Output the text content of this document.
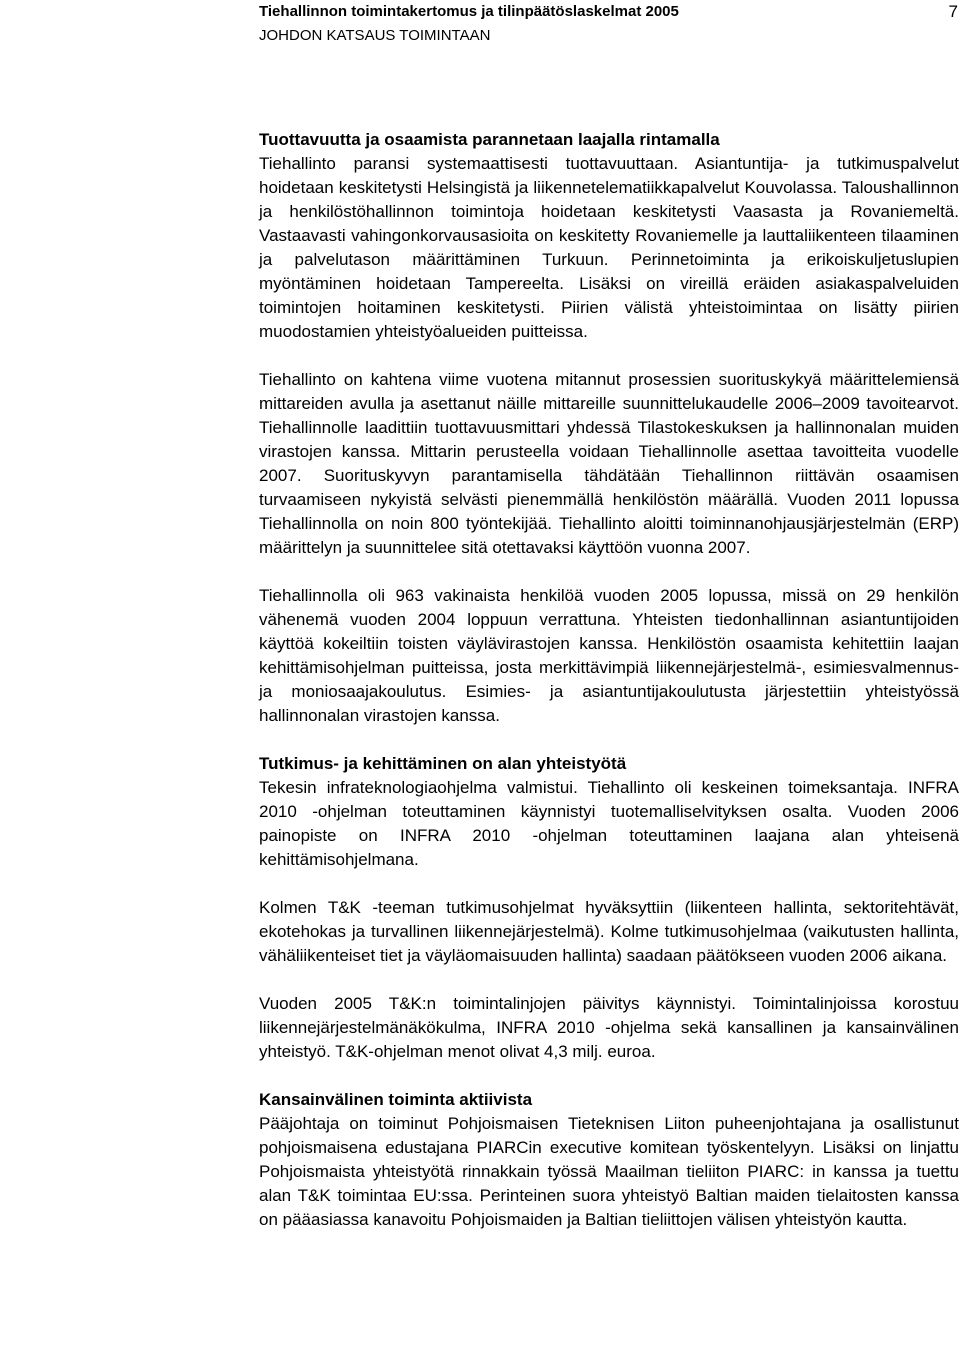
Tiehallinnon toimintakertomus ja tilinpäätöslaskelmat 2005
JOHDON KATSAUS TOIMINTAAN
7
Tuottavuutta ja osaamista parannetaan laajalla rintamalla

Tiehallinto paransi systemaattisesti tuottavuuttaan. Asiantuntija- ja tutkimuspalvelut hoidetaan keskitetysti Helsingistä ja liikennetelematiikkapalvelut Kouvolassa. Taloushallinnon ja henkilöstöhallinnon toimintoja hoidetaan keskitetysti Vaasasta ja Rovaniemeltä. Vastaavasti vahingonkorvausasioita on keskitetty Rovaniemelle ja lauttaliikenteen tilaaminen ja palvelutason määrittäminen Turkuun. Perinnetoiminta ja erikoiskuljetuslupien myöntäminen hoidetaan Tampereelta. Lisäksi on vireillä eräiden asiakaspalveluiden toimintojen hoitaminen keskitetysti. Piirien välistä yhteistoimintaa on lisätty piirien muodostamien yhteistyöalueiden puitteissa.

Tiehallinto on kahtena viime vuotena mitannut prosessien suorituskykyä määrittelemiensä mittareiden avulla ja asettanut näille mittareille suunnittelukaudelle 2006–2009 tavoitearvot. Tiehallinnolle laadittiin tuottavuusmittari yhdessä Tilastokeskuksen ja hallinnonalan muiden virastojen kanssa. Mittarin perusteella voidaan Tiehallinnolle asettaa tavoitteita vuodelle 2007. Suorituskyvyn parantamisella tähdätään Tiehallinnon riittävän osaamisen turvaamiseen nykyistä selvästi pienemmällä henkilöstön määrällä. Vuoden 2011 lopussa Tiehallinnolla on noin 800 työntekijää. Tiehallinto aloitti toiminnanohjausjärjestelmän (ERP) määrittelyn ja suunnittelee sitä otettavaksi käyttöön vuonna 2007.

Tiehallinnolla oli 963 vakinaista henkilöä vuoden 2005 lopussa, missä on 29 henkilön vähenemä vuoden 2004 loppuun verrattuna. Yhteisten tiedonhallinnan asiantuntijoiden käyttöä kokeiltiin toisten väylävirastojen kanssa. Henkilöstön osaamista kehitettiin laajan kehittämisohjelman puitteissa, josta merkittävimpiä liikennejärjestelmä-, esimiesvalmennus- ja moniosaajakoulutus. Esimies- ja asiantuntijakoulutusta järjestettiin yhteistyössä hallinnonalan virastojen kanssa.

Tutkimus- ja kehittäminen on alan yhteistyötä

Tekesin infrateknologiaohjelma valmistui. Tiehallinto oli keskeinen toimeksantaja. INFRA 2010 -ohjelman toteuttaminen käynnistyi tuotemalliselvityksen osalta. Vuoden 2006 painopiste on INFRA 2010 -ohjelman toteuttaminen laajana alan yhteisenä kehittämisohjelmana.

Kolmen T&K -teeman tutkimusohjelmat hyväksyttiin (liikenteen hallinta, sektoritehtävät, ekotehokas ja turvallinen liikennejärjestelmä). Kolme tutkimusohjelmaa (vaikutusten hallinta, vähäliikenteiset tiet ja väyläomaisuuden hallinta) saadaan päätökseen vuoden 2006 aikana.

Vuoden 2005 T&K:n toimintalinjojen päivitys käynnistyi. Toimintalinjoissa korostuu liikennejärjestelmänäkökulma, INFRA 2010 -ohjelma sekä kansallinen ja kansainvälinen yhteistyö. T&K-ohjelman menot olivat 4,3 milj. euroa.

Kansainvälinen toiminta aktiivista

Pääjohtaja on toiminut Pohjoismaisen Tieteknisen Liiton puheenjohtajana ja osallistunut pohjoismaisena edustajana PIARCin executive komitean työskentelyyn. Lisäksi on linjattu Pohjoismaista yhteistyötä rinnakkain työssä Maailman tieliiton PIARC: in kanssa ja tuettu alan T&K toimintaa EU:ssa. Perinteinen suora yhteistyö Baltian maiden tielaitosten kanssa on pääasiassa kanavoitu Pohjoismaiden ja Baltian tieliittojen välisen yhteistyön kautta.
